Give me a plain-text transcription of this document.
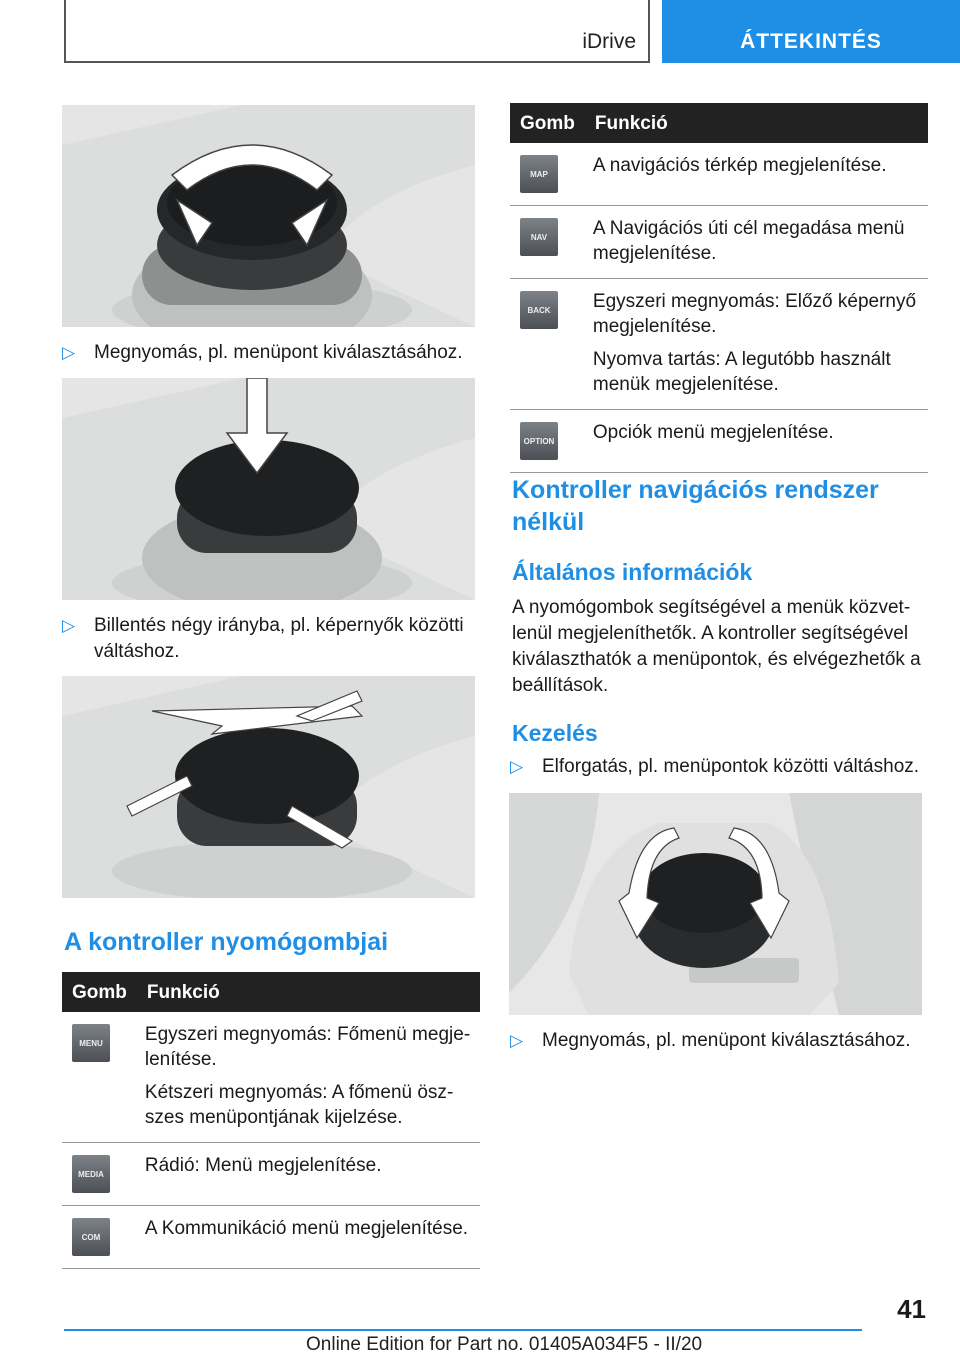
iDrive	ÁTTEKINTÉS
▷ Megnyomás, pl. menüpont kiválasztásához.
▷ Billentés négy irányba, pl. képernyők közötti váltáshoz.
A kontroller nyomógombjai
Gomb	Funkció

MENU	Egyszeri megnyomás: Főmenü megjelenítése.

Kétszeri megnyomás: A főmenü öszszes menüpontjának kijelzése.

MEDIA	Rádió: Menü megjelenítése.

COM	A Kommunikáció menü megjelenítése.

Gomb	Funkció

MAP	A navigációs térkép megjelenítése.

NAV	A Navigációs úti cél megadása menü megjelenítése.

BACK	Egyszeri megnyomás: Előző képernyő megjelenítése.

Nyomva tartás: A legutóbb használt menük megjelenítése.

OPTION	Opciók menü megjelenítése.

Kontroller navigációs rendszer nélkül
Általános információk
A nyomógombok segítségével a menük közvetlenül megjeleníthetők. A kontroller segítségével kiválaszthatók a menüpontok, és elvégezhetők a beállítások.
Kezelés
▷ Elforgatás, pl. menüpontok közötti váltáshoz.
▷ Megnyomás, pl. menüpont kiválasztásához.
41
Online Edition for Part no. 01405A034F5 - II/20
